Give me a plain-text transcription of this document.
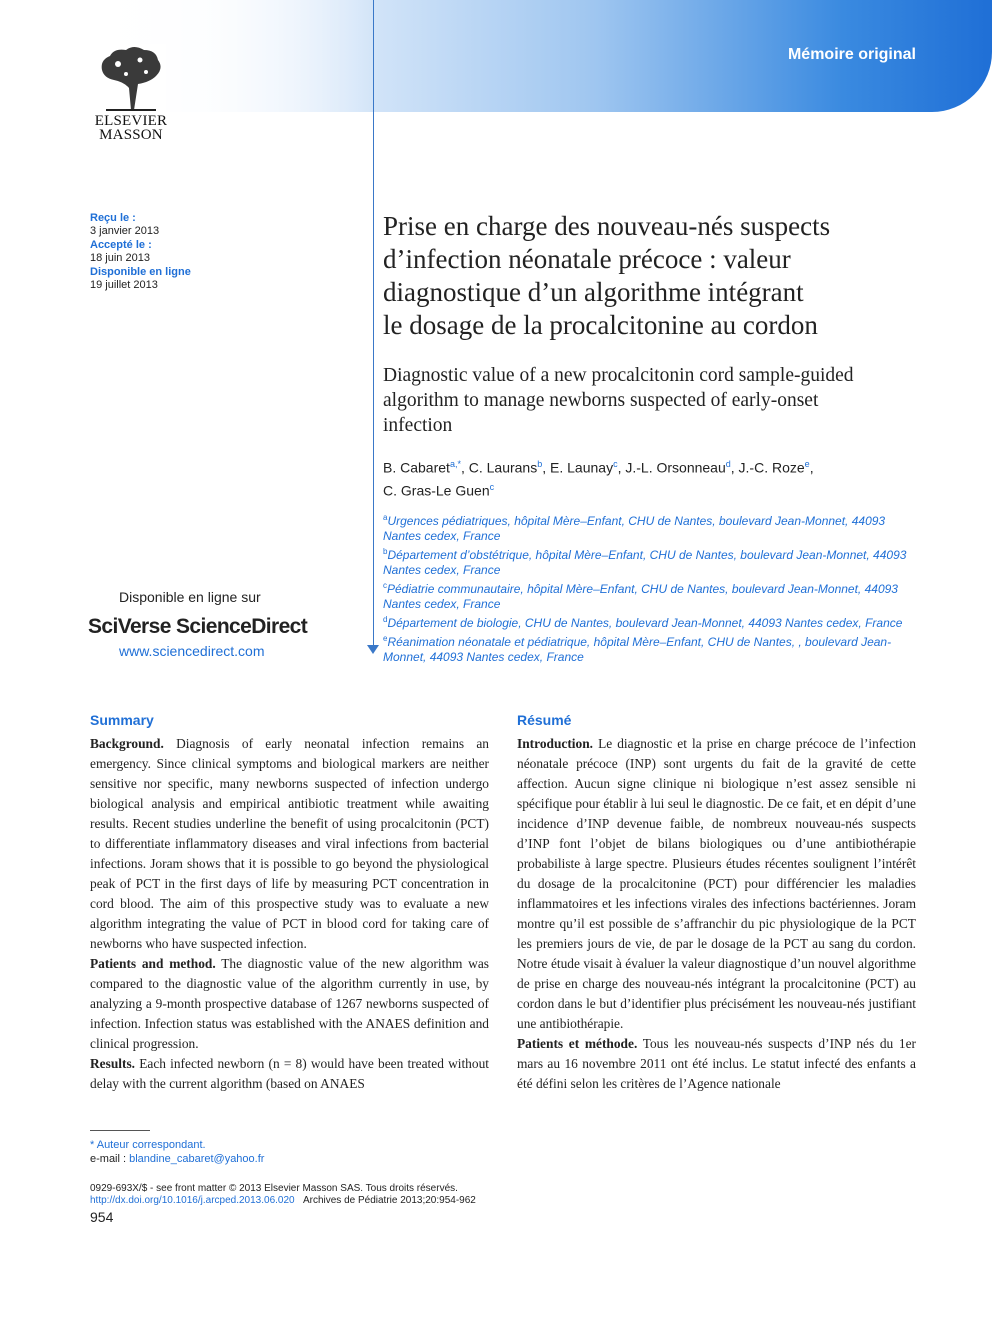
Mémoire original
ELSEVIER
MASSON
Reçu le :
3 janvier 2013
Accepté le :
18 juin 2013
Disponible en ligne
19 juillet 2013
Disponible en ligne sur
SciVerse ScienceDirect
www.sciencedirect.com
Prise en charge des nouveau-nés suspects
d’infection néonatale précoce : valeur
diagnostique d’un algorithme intégrant
le dosage de la procalcitonine au cordon
Diagnostic value of a new procalcitonin cord sample-guided
algorithm to manage newborns suspected of early-onset
infection
B. Cabaret$^{a,*}$, C. Laurans$^b$, E. Launay$^c$, J.-L. Orsonneau$^d$, J.-C. Roze$^e$,
C. Gras-Le Guen$^c$
$^a$Urgences pédiatriques, hôpital Mère–Enfant, CHU de Nantes, boulevard Jean-Monnet, 44093 Nantes cedex, France
$^b$Département d’obstétrique, hôpital Mère–Enfant, CHU de Nantes, boulevard Jean-Monnet, 44093 Nantes cedex, France
$^c$Pédiatrie communautaire, hôpital Mère–Enfant, CHU de Nantes, boulevard Jean-Monnet, 44093 Nantes cedex, France
$^d$Département de biologie, CHU de Nantes, boulevard Jean-Monnet, 44093 Nantes cedex, France
$^e$Réanimation néonatale et pédiatrique, hôpital Mère–Enfant, CHU de Nantes, , boulevard Jean-Monnet, 44093 Nantes cedex, France
Summary

Background. Diagnosis of early neonatal infection remains an emergency. Since clinical symptoms and biological markers are neither sensitive nor specific, many newborns suspected of infection undergo biological analysis and empirical antibiotic treatment while awaiting results. Recent studies underline the benefit of using procalcitonin (PCT) to differentiate inflammatory diseases and viral infections from bacterial infections. Joram shows that it is possible to go beyond the physiological peak of PCT in the first days of life by measuring PCT concentration in cord blood. The aim of this prospective study was to evaluate a new algorithm integrating the value of PCT in blood cord for taking care of newborns who have suspected infection.

Patients and method. The diagnostic value of the new algorithm was compared to the diagnostic value of the algorithm currently in use, by analyzing a 9-month prospective database of 1267 newborns suspected of infection. Infection status was established with the ANAES definition and clinical progression.

Results. Each infected newborn (n = 8) would have been treated without delay with the current algorithm (based on ANAES

Résumé

Introduction. Le diagnostic et la prise en charge précoce de l’infection néonatale précoce (INP) sont urgents du fait de la gravité de cette affection. Aucun signe clinique ni biologique n’est assez sensible ni spécifique pour établir à lui seul le diagnostic. De ce fait, et en dépit d’une incidence d’INP devenue faible, de nombreux nouveau-nés suspects d’INP font l’objet de bilans biologiques ou d’une antibiothérapie probabiliste à large spectre. Plusieurs études récentes soulignent l’intérêt du dosage de la procalcitonine (PCT) pour différencier les maladies inflammatoires et les infections virales des infections bactériennes. Joram montre qu’il est possible de s’affranchir du pic physiologique de la PCT les premiers jours de vie, de par le dosage de la PCT au sang du cordon. Notre étude visait à évaluer la valeur diagnostique d’un nouvel algorithme de prise en charge des nouveau-nés intégrant la procalcitonine (PCT) au cordon dans le but d’identifier plus précisément les nouveau-nés justifiant une antibiothérapie.

Patients et méthode. Tous les nouveau-nés suspects d’INP nés du 1er mars au 16 novembre 2011 ont été inclus. Le statut infecté des enfants a été défini selon les critères de l’Agence nationale

* Auteur correspondant.
e-mail : blandine_cabaret@yahoo.fr
0929-693X/$ - see front matter © 2013 Elsevier Masson SAS. Tous droits réservés.
http://dx.doi.org/10.1016/j.arcped.2013.06.020 Archives de Pédiatrie 2013;20:954-962
954
